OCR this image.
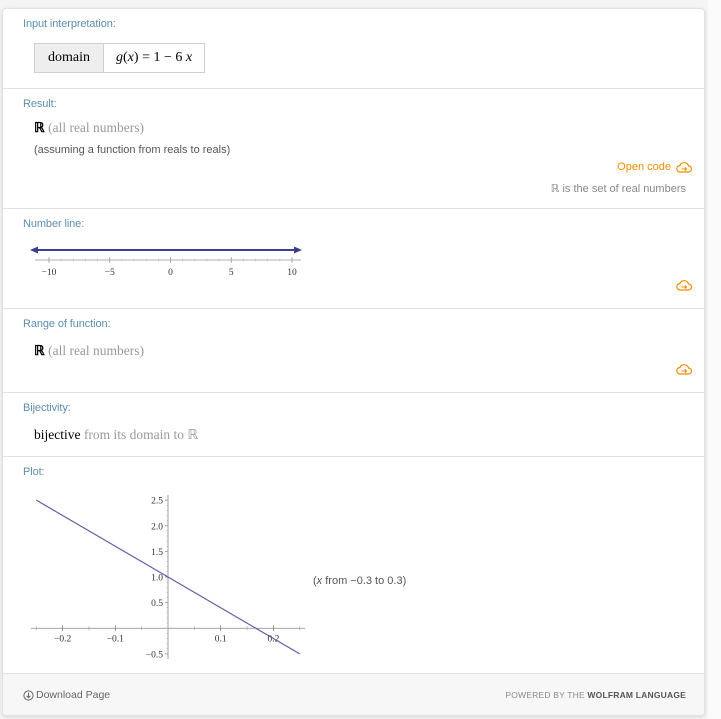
Input interpretation:
domain	g(x) = 1 − 6 x
Result:
ℝ (all real numbers)
(assuming a function from reals to reals)
Open code
ℝ is the set of real numbers
Number line:
−10	−5	0	5	10
Range of function:
ℝ (all real numbers)
Bijectivity:
bijective from its domain to ℝ
Plot:
−0.2	−0.1	0.1	0.2
2.5
2.0
1.5
1.0
0.5
−0.5
(x from −0.3 to 0.3)
Download Page	POWERED BY THE WOLFRAM LANGUAGE
